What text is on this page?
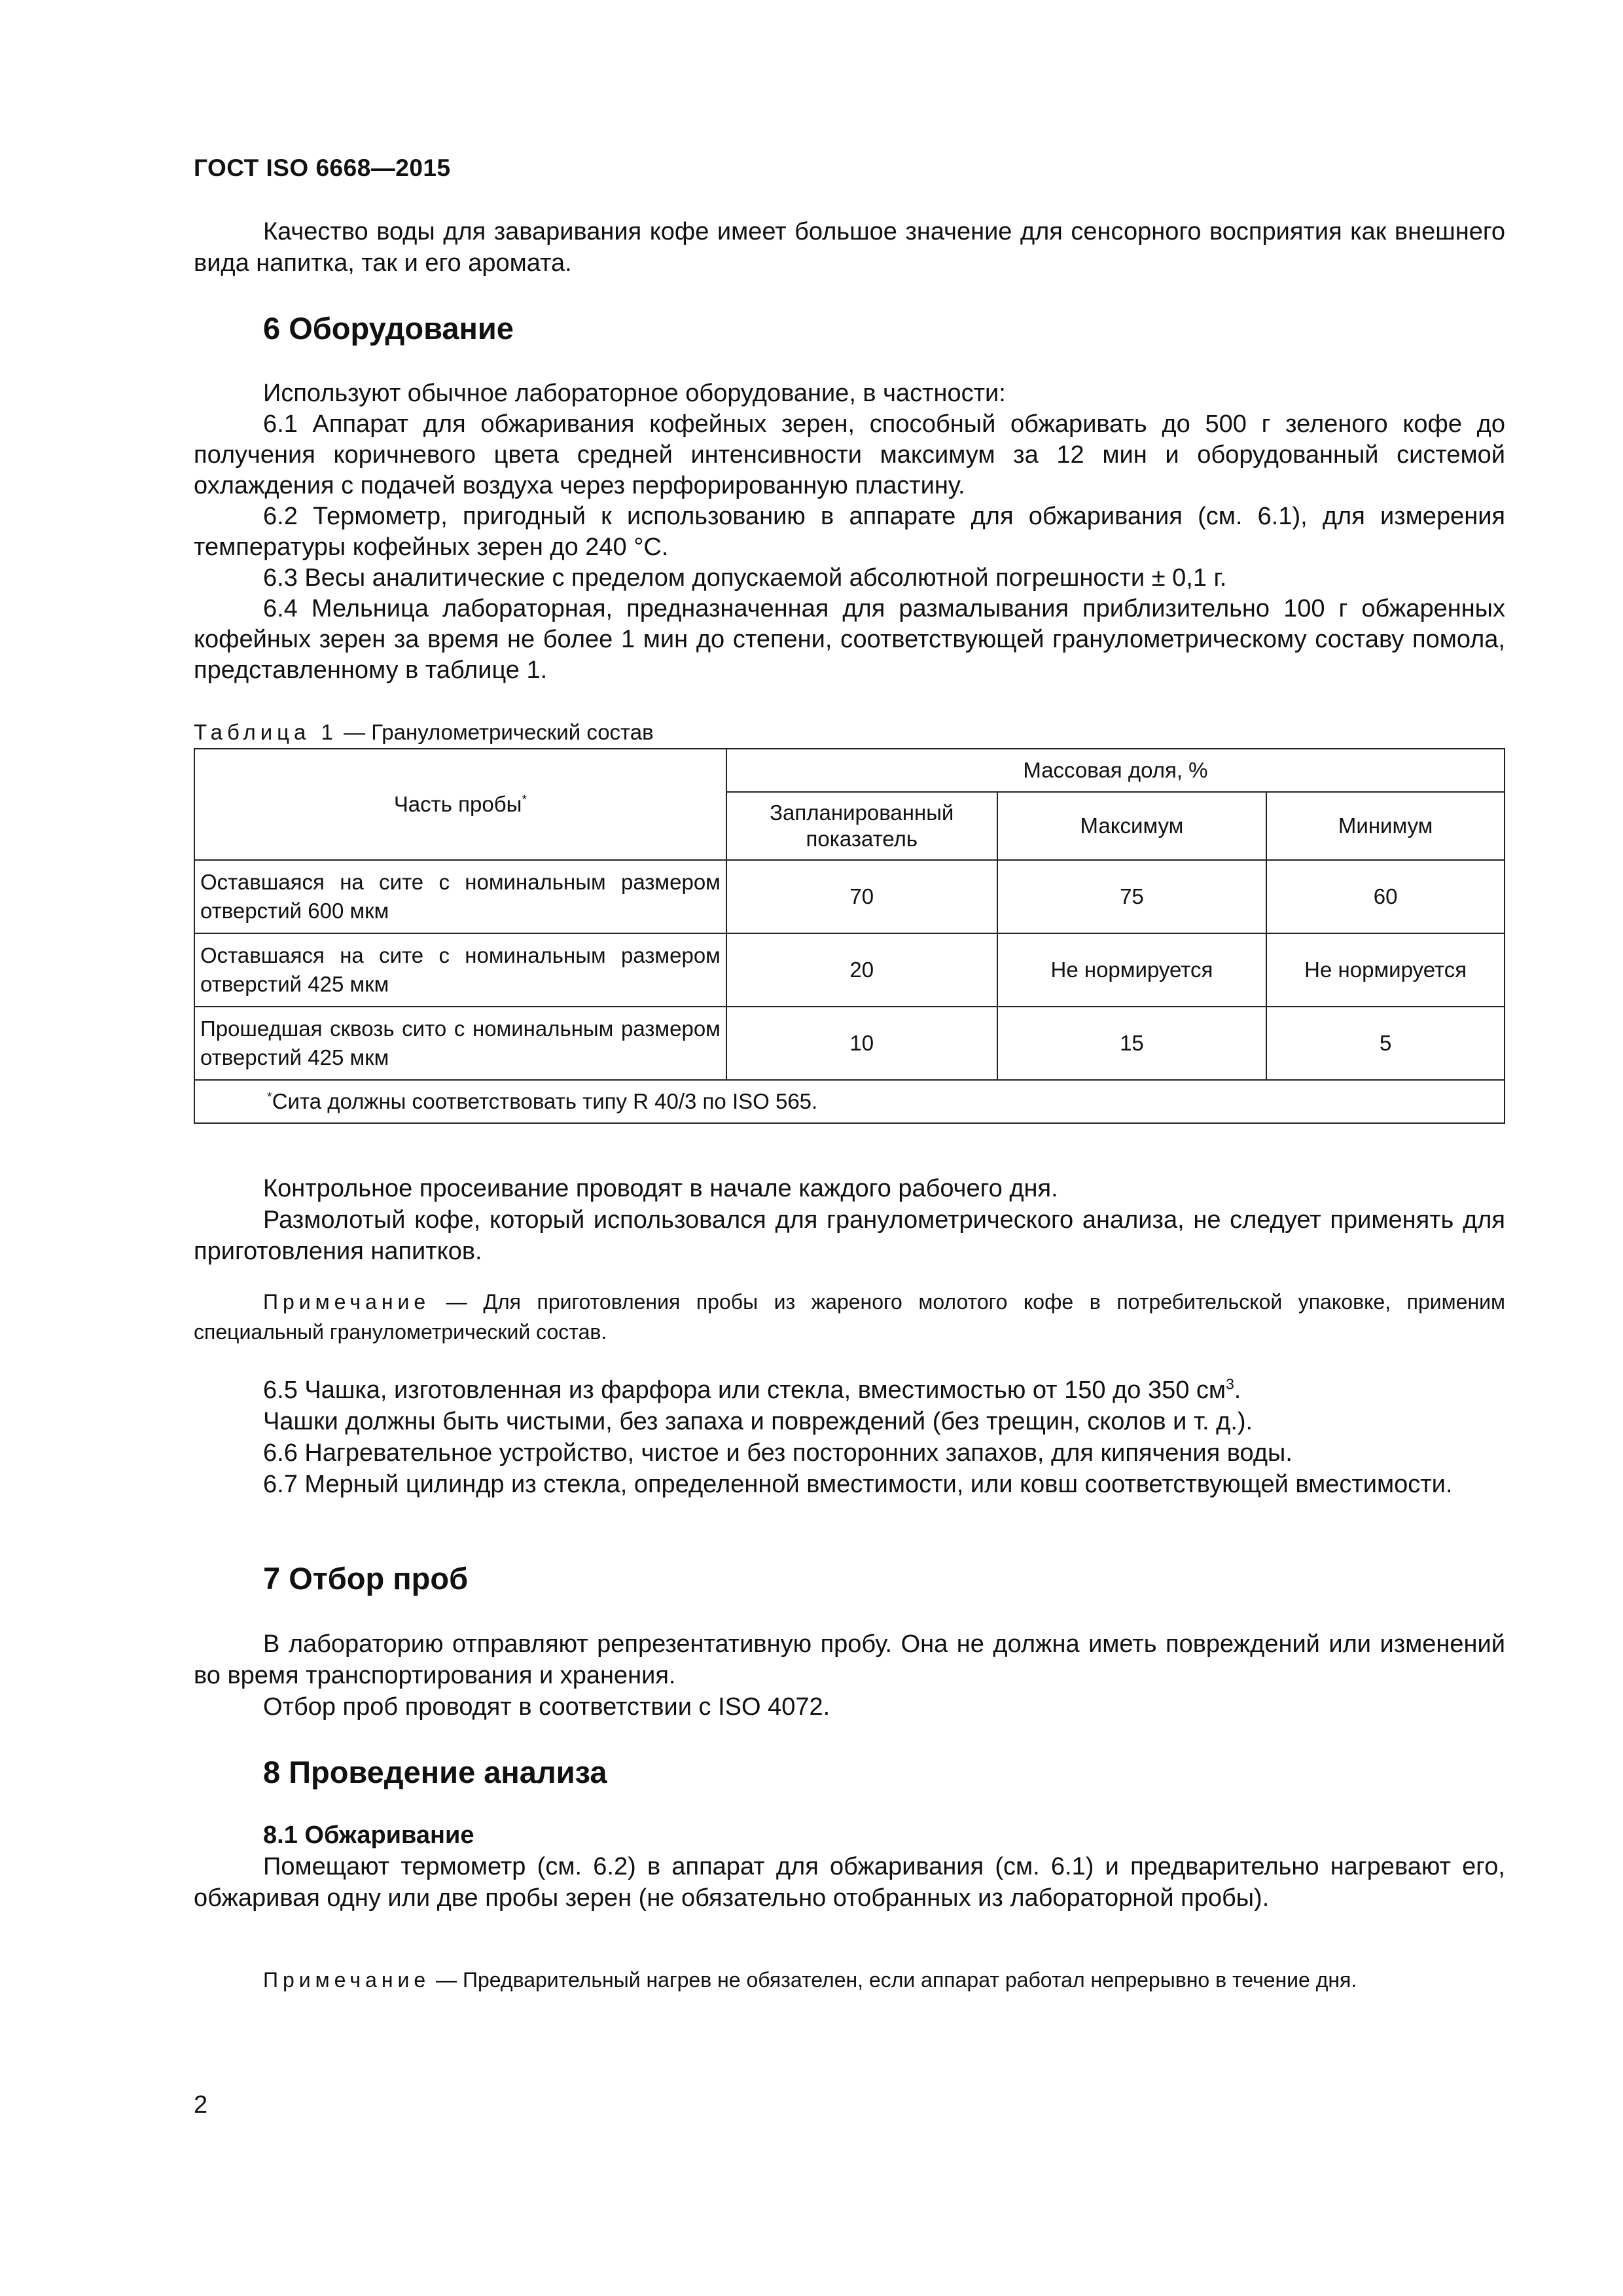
ГОСТ ISO 6668—2015

Качество воды для заваривания кофе имеет большое значение для сенсорного восприятия как внешнего вида напитка, так и его аромата.

6 Оборудование

Используют обычное лабораторное оборудование, в частности:

6.1 Аппарат для обжаривания кофейных зерен, способный обжаривать до 500 г зеленого кофе до получения коричневого цвета средней интенсивности максимум за 12 мин и оборудованный системой охлаждения с подачей воздуха через перфорированную пластину.

6.2 Термометр, пригодный к использованию в аппарате для обжаривания (см. 6.1), для измерения температуры кофейных зерен до 240 °С.

6.3 Весы аналитические с пределом допускаемой абсолютной погрешности ± 0,1 г.

6.4 Мельница лабораторная, предназначенная для размалывания приблизительно 100 г обжаренных кофейных зерен за время не более 1 мин до степени, соответствующей гранулометрическому составу помола, представленному в таблице 1.

Таблица 1 — Гранулометрический состав
Часть пробы*	Массовая доля, %		
	Запланированный показатель	Максимум	Минимум
Оставшаяся на сите с номинальным размером отверстий 600 мкм	70	75	60
Оставшаяся на сите с номинальным размером отверстий 425 мкм	20	Не нормируется	Не нормируется
Прошедшая сквозь сито с номинальным размером отверстий 425 мкм	10	15	5
*Сита должны соответствовать типу R 40/3 по ISO 565.			

Контрольное просеивание проводят в начале каждого рабочего дня.

Размолотый кофе, который использовался для гранулометрического анализа, не следует применять для приготовления напитков.

Примечание — Для приготовления пробы из жареного молотого кофе в потребительской упаковке, применим специальный гранулометрический состав.

6.5 Чашка, изготовленная из фарфора или стекла, вместимостью от 150 до 350 $см^3$.

Чашки должны быть чистыми, без запаха и повреждений (без трещин, сколов и т. д.).

6.6 Нагревательное устройство, чистое и без посторонних запахов, для кипячения воды.

6.7 Мерный цилиндр из стекла, определенной вместимости, или ковш соответствующей вместимости.

7 Отбор проб

В лабораторию отправляют репрезентативную пробу. Она не должна иметь повреждений или изменений во время транспортирования и хранения.

Отбор проб проводят в соответствии с ISO 4072.

8 Проведение анализа

8.1 Обжаривание

Помещают термометр (см. 6.2) в аппарат для обжаривания (см. 6.1) и предварительно нагревают его, обжаривая одну или две пробы зерен (не обязательно отобранных из лабораторной пробы).

Примечание — Предварительный нагрев не обязателен, если аппарат работал непрерывно в течение дня.

2
